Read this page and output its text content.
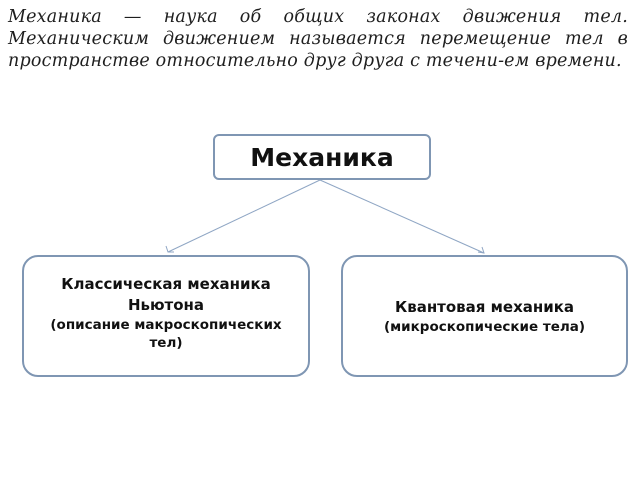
Механика — наука об общих законах движения тел. Механическим движением называется перемещение тел в пространстве относительно друг друга с течени-ем времени.

Механика
Классическая механика Ньютона
(описание макроскопических тел)
Квантовая механика
(микроскопические тела)
